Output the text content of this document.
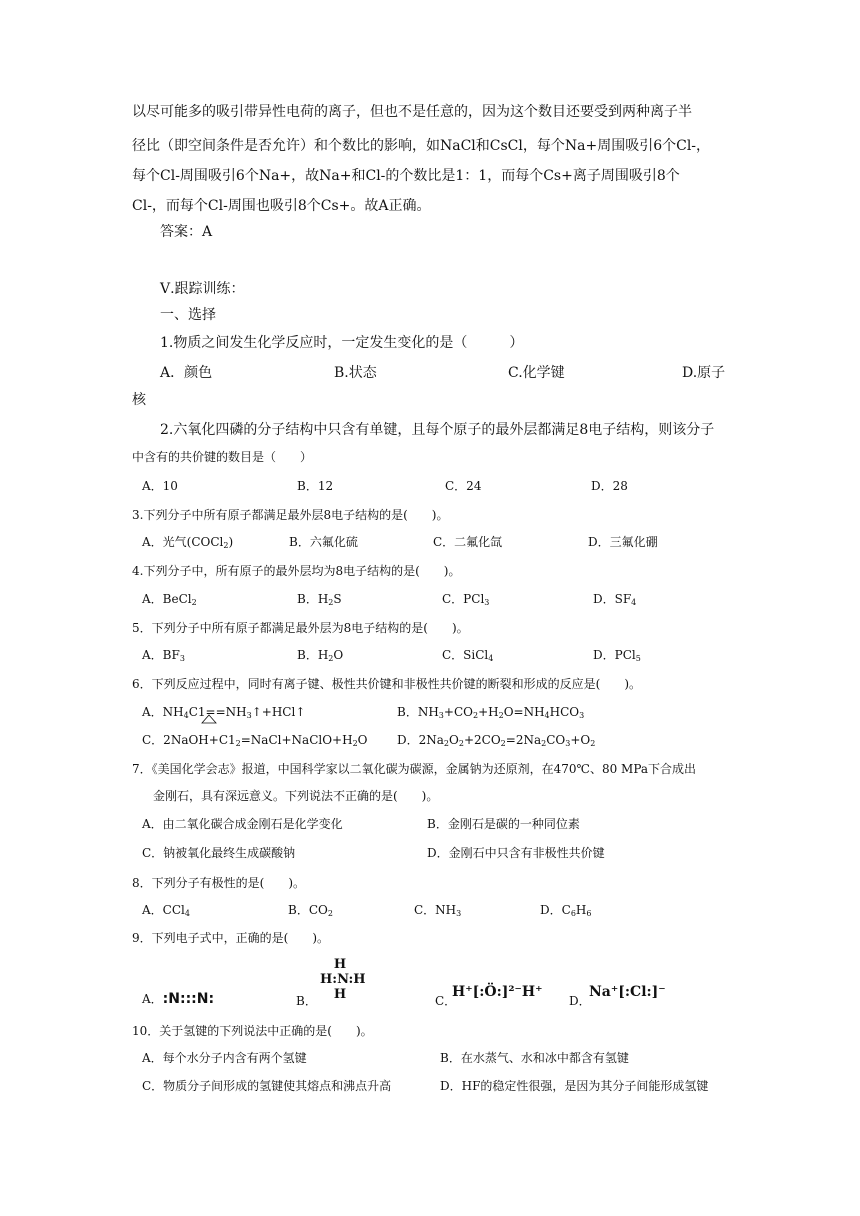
以尽可能多的吸引带异性电荷的离子，但也不是任意的，因为这个数目还要受到两种离子半
径比（即空间条件是否允许）和个数比的影响，如NaCl和CsCl，每个Na+周围吸引6个Cl-，
每个Cl-周围吸引6个Na+，故Na+和Cl-的个数比是1：1，而每个Cs+离子周围吸引8个
Cl-，而每个Cl-周围也吸引8个Cs+。故A正确。
答案：A
Ⅴ.跟踪训练：
一、选择
1.物质之间发生化学反应时，一定发生变化的是（　　　）
A．颜色	B.状态	C.化学键	D.原子
核
2.六氧化四磷的分子结构中只含有单键，且每个原子的最外层都满足8电子结构，则该分子
中含有的共价键的数目是（　　）
A．10	B．12	C．24	D．28
3.下列分子中所有原子都满足最外层8电子结构的是(　　)。
A．光气(COCl$_2$)	B．六氟化硫	C．二氟化氙	D．三氟化硼
4.下列分子中，所有原子的最外层均为8电子结构的是(　　)。
A．BeCl$_2$	B．$H_2S$	C．PCl$_3$	D．$SF_4$
5．下列分子中所有原子都满足最外层为8电子结构的是(　　)。
A．$BF_3$	B．$H_2O$	C．SiCl$_4$	D．PCl$_5$
6．下列反应过程中，同时有离子键、极性共价键和非极性共价键的断裂和形成的反应是(　　)。
A．$NH_4C1==NH_3↑+HCl↑$	B．$NH_3+CO_2+H_2O=NH_4HCO_3$
C．$2NaOH+C1_2=NaCl+NaClO+H_2O$ D．$2Na_2O_2+2CO_2=2Na_2CO_3+O_2$
7．《美国化学会志》报道，中国科学家以二氧化碳为碳源，金属钠为还原剂，在470℃、80 MPa下合成出
金刚石，具有深远意义。下列说法不正确的是(　　)。
A．由二氧化碳合成金刚石是化学变化	B．金刚石是碳的一种同位素
C．钠被氧化最终生成碳酸钠	D．金刚石中只含有非极性共价键
8．下列分子有极性的是(　　)。
A．CCl$_4$	B．$CO_2$	C．$NH_3$	D．$C_6H_6$
9．下列电子式中，正确的是(　　)。
A．:N:::N:	B．
H
H:N:H
H	C．
H⁺[:Ö:]²⁻H⁺
D．
Na⁺[:Cl:]⁻
10．关于氢键的下列说法中正确的是(　　)。
A．每个水分子内含有两个氢键	B．在水蒸气、水和冰中都含有氢键
C．物质分子间形成的氢键使其熔点和沸点升高	D．HF的稳定性很强，是因为其分子间能形成氢键
